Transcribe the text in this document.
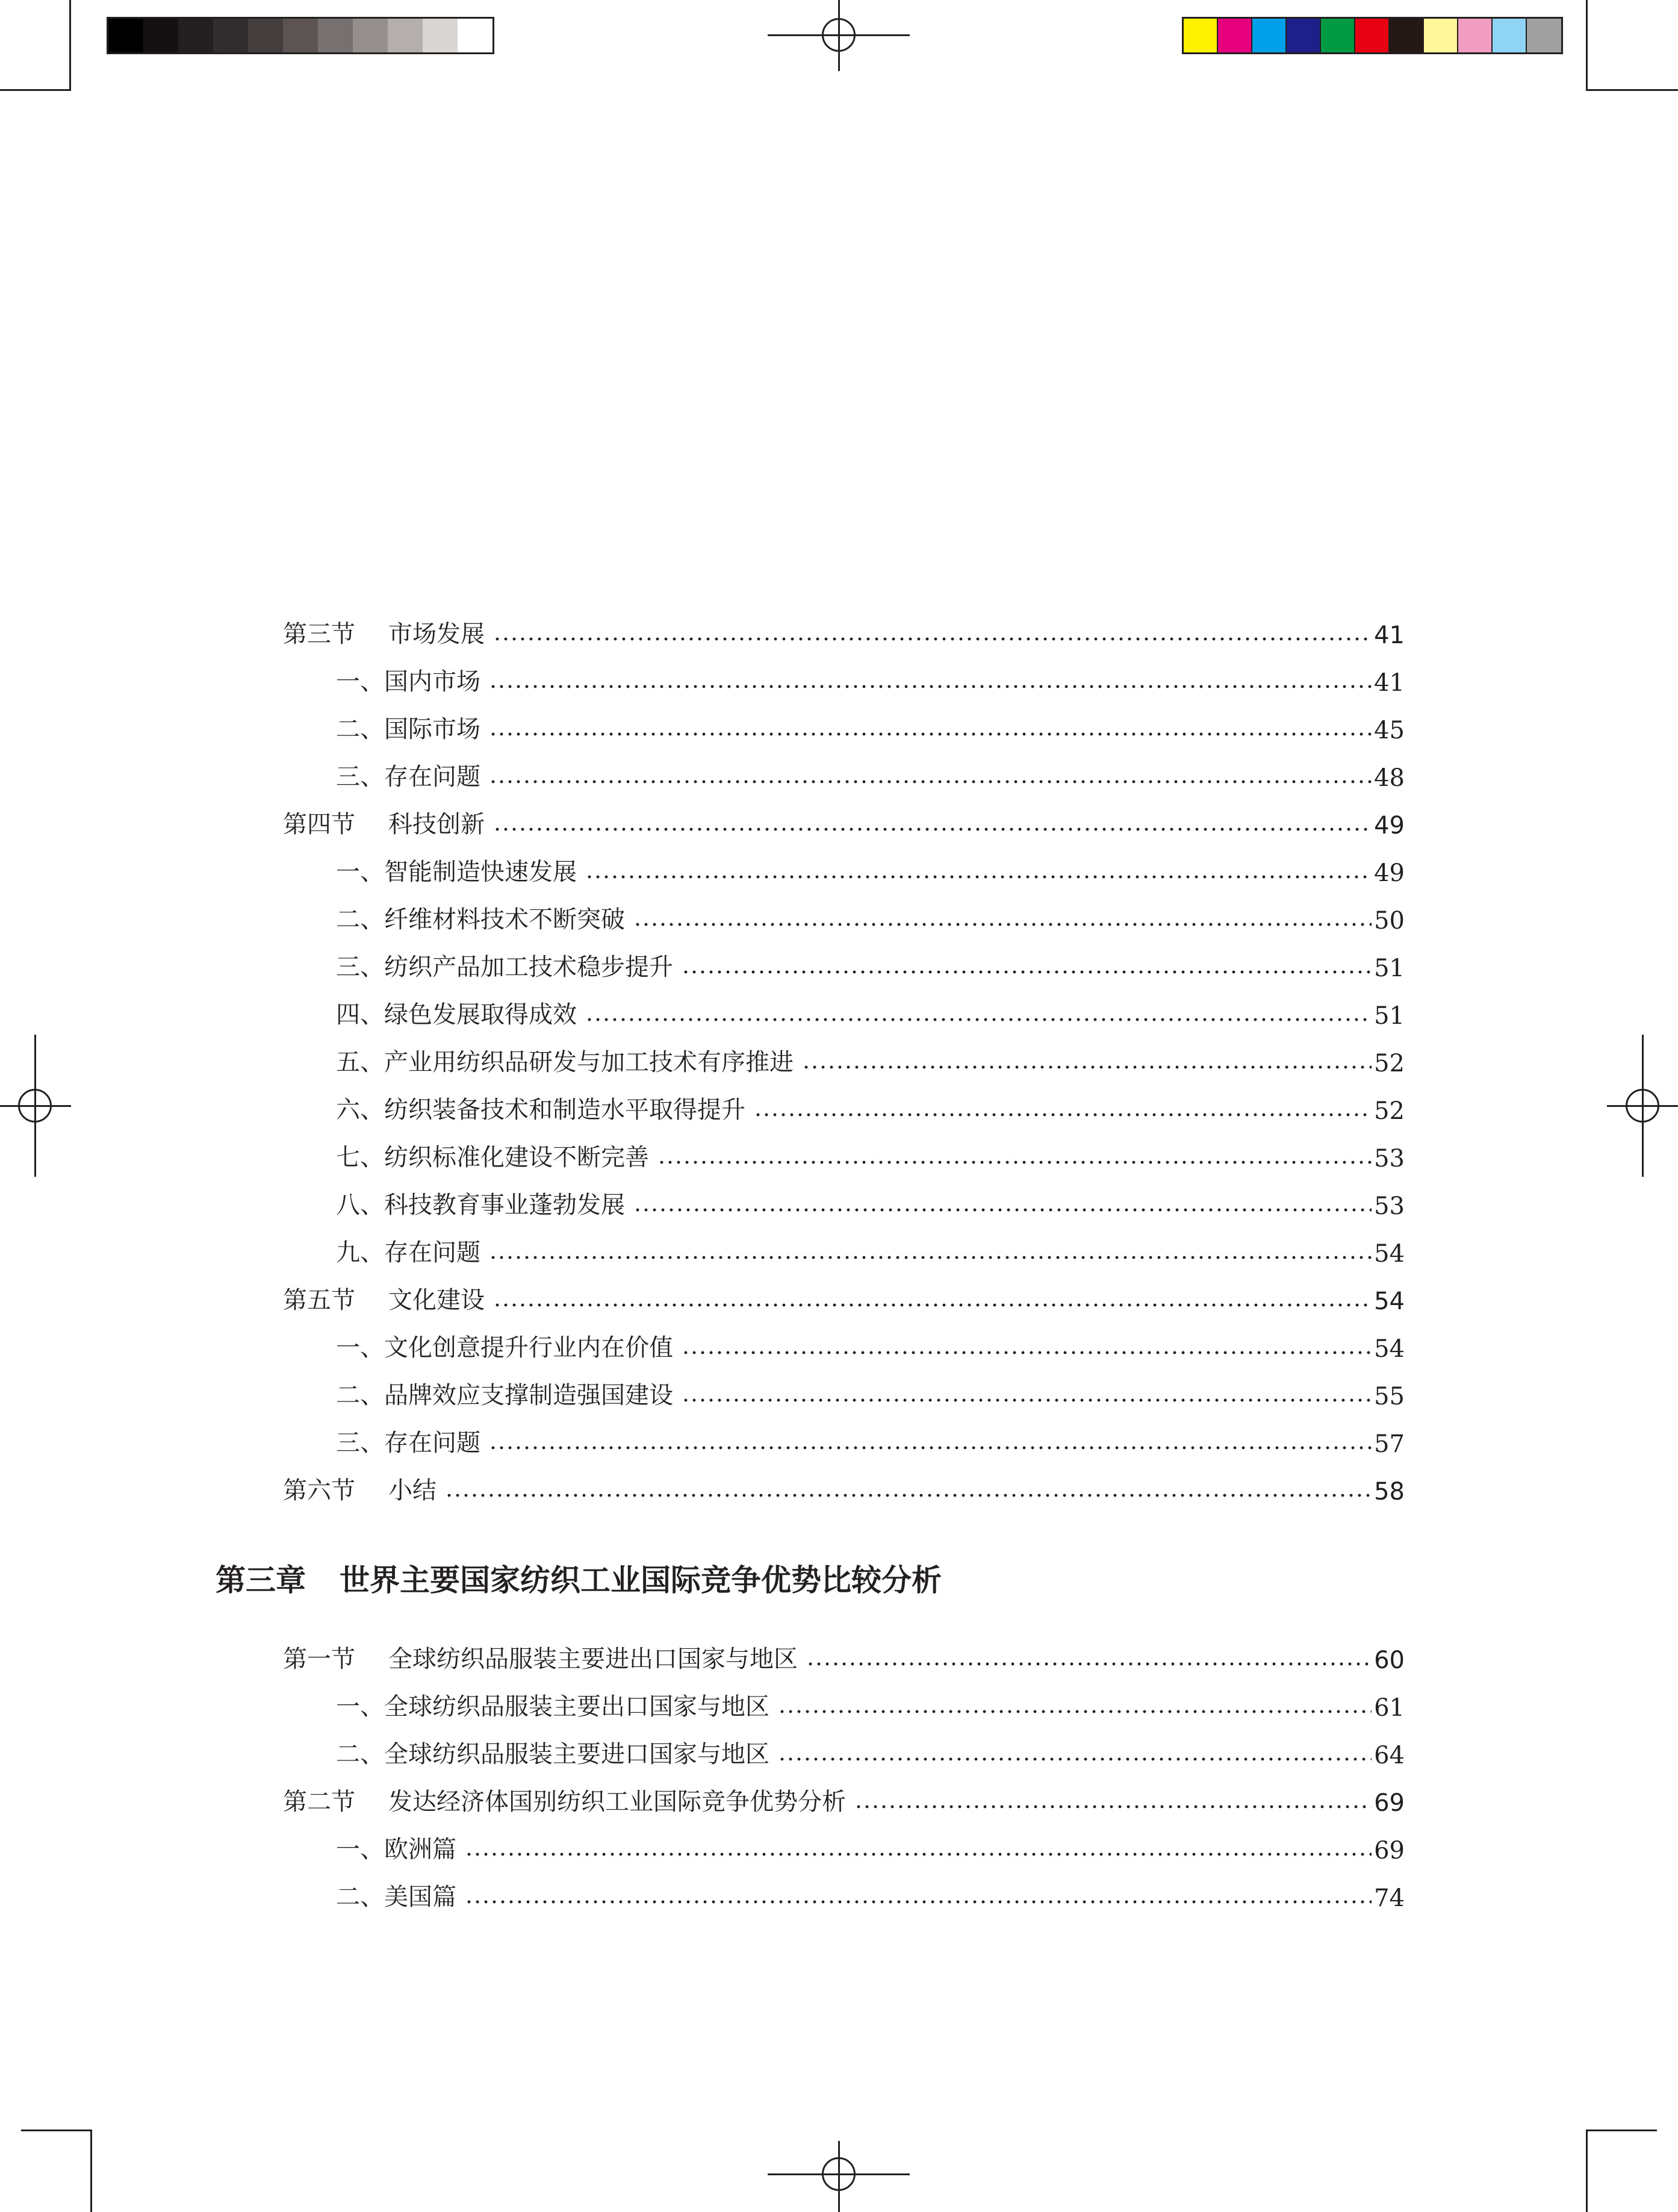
第三章 世界主要国家纺织工业国际竞争优势比较分析
第三节 市场发展	41
一、国内市场	41
二、国际市场	45
三、存在问题	48
第四节 科技创新	49
一、智能制造快速发展	49
二、纤维材料技术不断突破	50
三、纺织产品加工技术稳步提升	51
四、绿色发展取得成效	51
五、产业用纺织品研发与加工技术有序推进	52
六、纺织装备技术和制造水平取得提升	52
七、纺织标准化建设不断完善	53
八、科技教育事业蓬勃发展	53
九、存在问题	54
第五节 文化建设	54
一、文化创意提升行业内在价值	54
二、品牌效应支撑制造强国建设	55
三、存在问题	57
第六节 小结	58
第一节 全球纺织品服装主要进出口国家与地区	60
一、全球纺织品服装主要出口国家与地区	61
二、全球纺织品服装主要进口国家与地区	64
第二节 发达经济体国别纺织工业国际竞争优势分析	69
一、欧洲篇	69
二、美国篇	74
